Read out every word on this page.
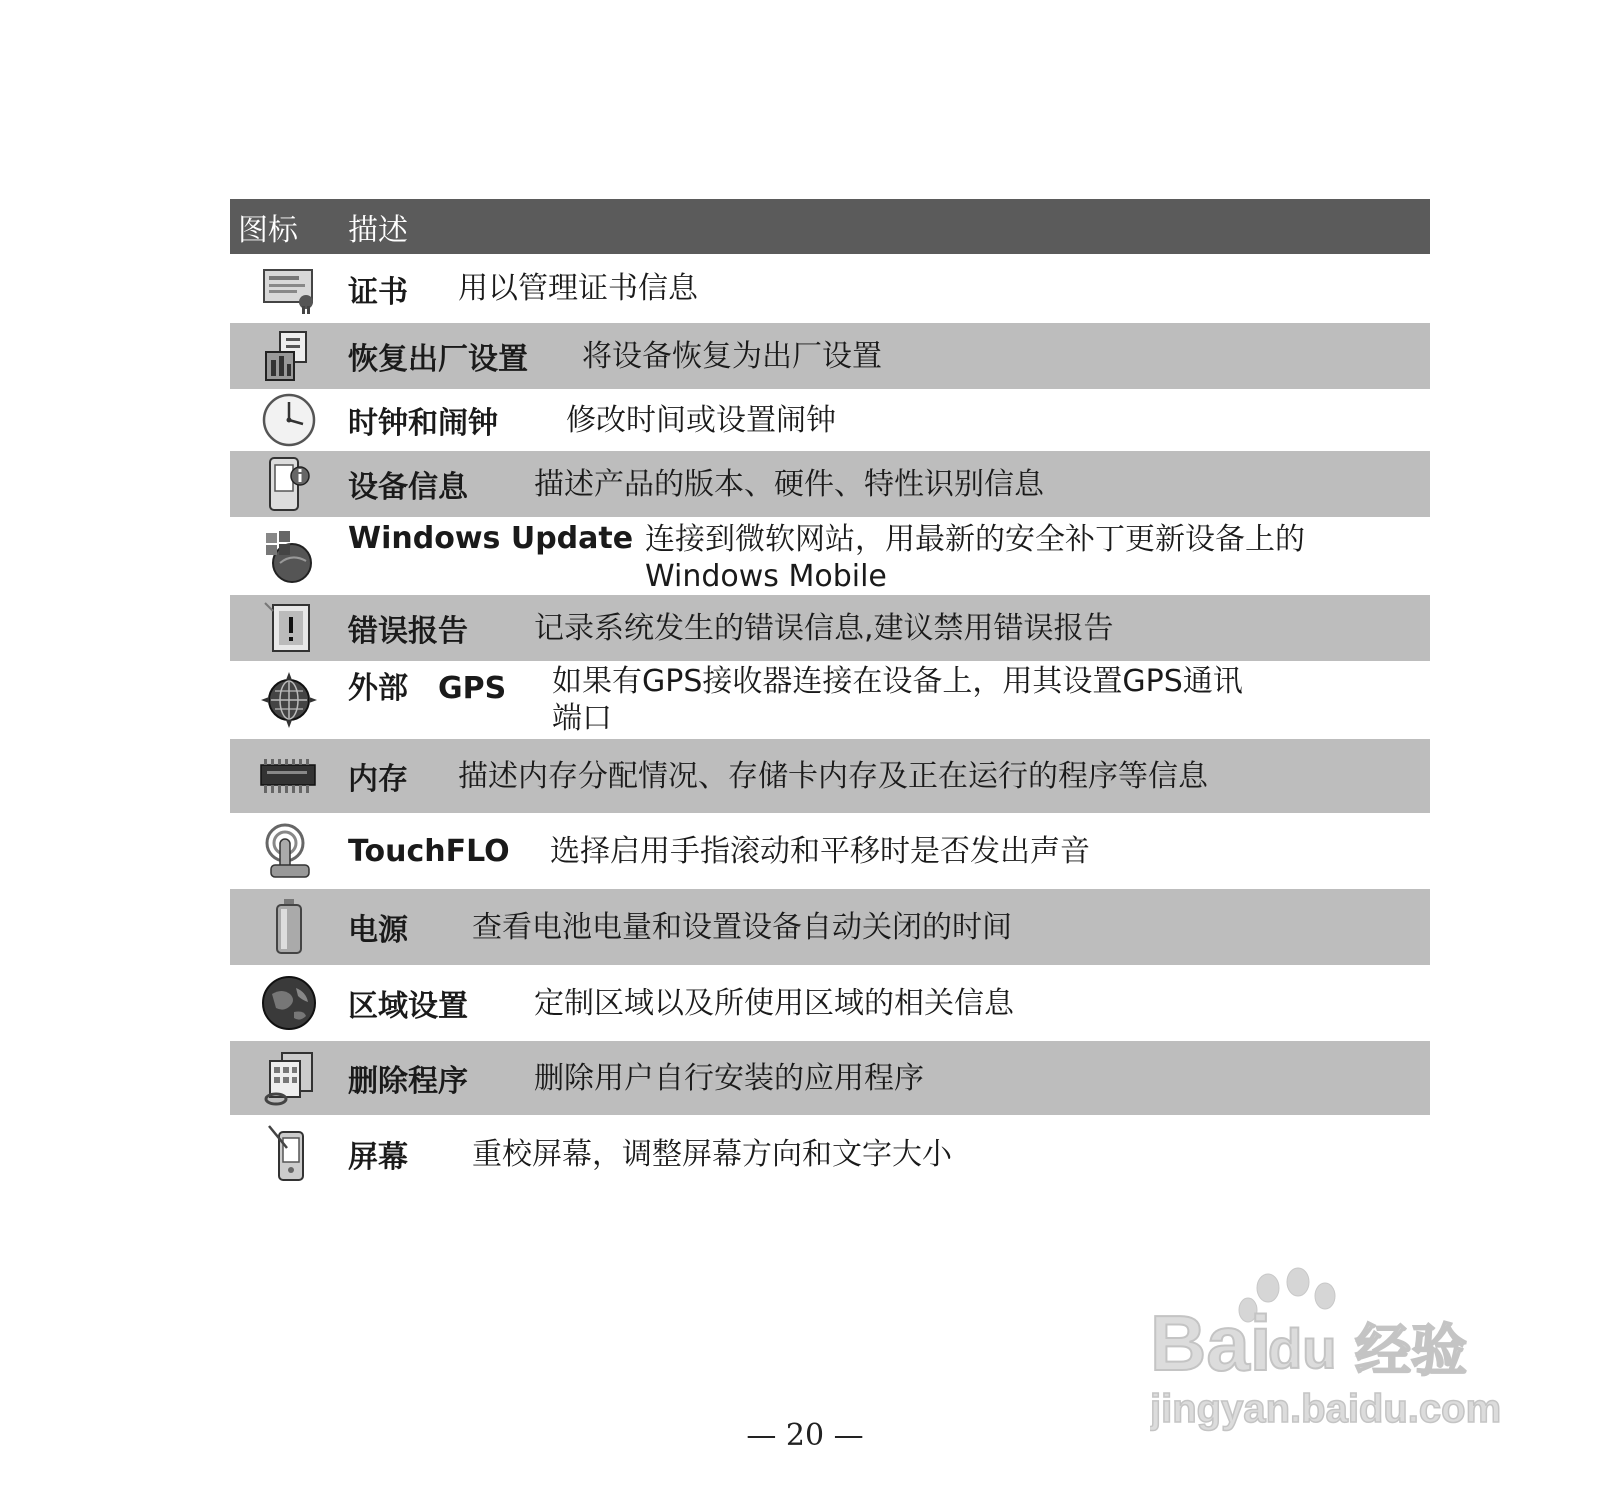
图标	描述
证书	用以管理证书信息
恢复出厂设置	将设备恢复为出厂设置
时钟和闹钟	修改时间或设置闹钟
设备信息	描述产品的版本、硬件、特性识别信息
Windows Update 连接到微软网站，用最新的安全补丁更新设备上的
Windows Mobile
错误报告	记录系统发生的错误信息,建议禁用错误报告
外部　GPS	如果有GPS接收器连接在设备上，用其设置GPS通讯
端口
内存	描述内存分配情况、存储卡内存及正在运行的程序等信息
TouchFLO	选择启用手指滚动和平移时是否发出声音
电源	查看电池电量和设置设备自动关闭的时间
区域设置	定制区域以及所使用区域的相关信息
删除程序	删除用户自行安装的应用程序
屏幕	重校屏幕，调整屏幕方向和文字大小
Bai
du 经验
jingyan.baidu.com
— 20 —
